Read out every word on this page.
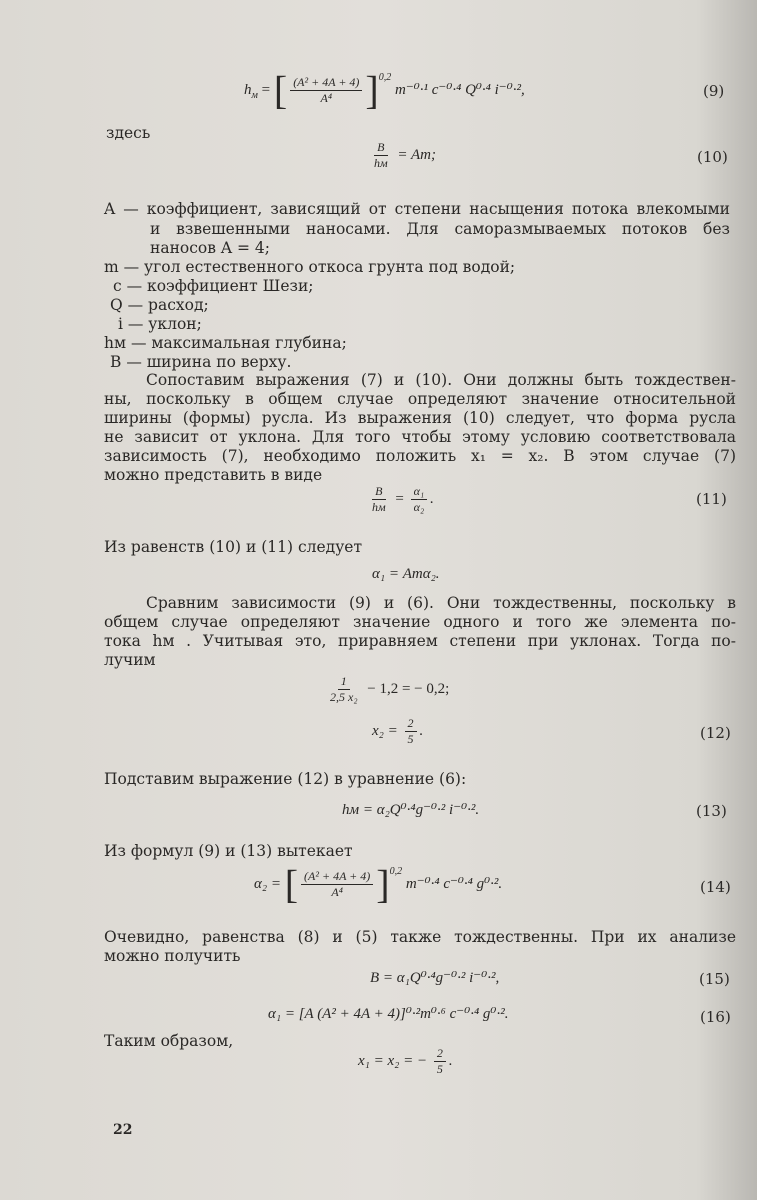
$h_м$ = [ $\frac{\text{(A² + 4A + 4)}}{\text{A⁴}} ]^{0,2}$ m⁻⁰·¹ c⁻⁰·⁴ Q⁰·⁴ i⁻⁰·²,	(9)
здесь
$\frac{B}{hм} = Am$;	(10)
A — коэффициент, зависящий от степени насыщения потока влекомыми
и взвешенными наносами. Для саморазмываемых потоков без
наносов A = 4;
m — угол естественного откоса грунта под водой;
c — коэффициент Шези;
Q — расход;
i — уклон;
hм — максимальная глубина;
B — ширина по верху.
Сопоставим выражения (7) и (10). Они должны быть тождествен-
ны, поскольку в общем случае определяют значение относительной
ширины (формы) русла. Из выражения (10) следует, что форма русла
не зависит от уклона. Для того чтобы этому условию соответствовала
зависимость (7), необходимо положить x₁ = x₂. В этом случае (7)
можно представить в виде
$\frac{B}{hм} = \frac{\text{α₁}}{\text{α₂}}$ .	(11)
Из равенств (10) и (11) следует
α₁ = Amα₂.
Сравним зависимости (9) и (6). Они тождественны, поскольку в
общем случае определяют значение одного и того же элемента по-
тока hм . Учитывая это, приравняем степени при уклонах. Тогда по-
лучим
$\frac{1}{\text{2,5 x₂}} - 1,2$ = − 0,2;
$x_2 = \frac{2}{5}$ .	(12)
Подставим выражение (12) в уравнение (6):
hм = α₂Q⁰·⁴g⁻⁰·² i⁻⁰·².	(13)
Из формул (9) и (13) вытекает
α₂ = [ $\frac{\text{(A² + 4A + 4)}}{\text{A⁴}} ]^{0,2}$ m⁻⁰·⁴ c⁻⁰·⁴ g⁰·².	(14)
Очевидно, равенства (8) и (5) также тождественны. При их анализе
можно получить
B = α₁Q⁰·⁴g⁻⁰·² i⁻⁰·²,	(15)
α₁ = [A (A² + 4A + 4)]⁰·²m⁰·⁶ c⁻⁰·⁴ g⁰·².	(16)
Таким образом,
x₁ = x₂ = − $\frac{2}{5}$ .
22
